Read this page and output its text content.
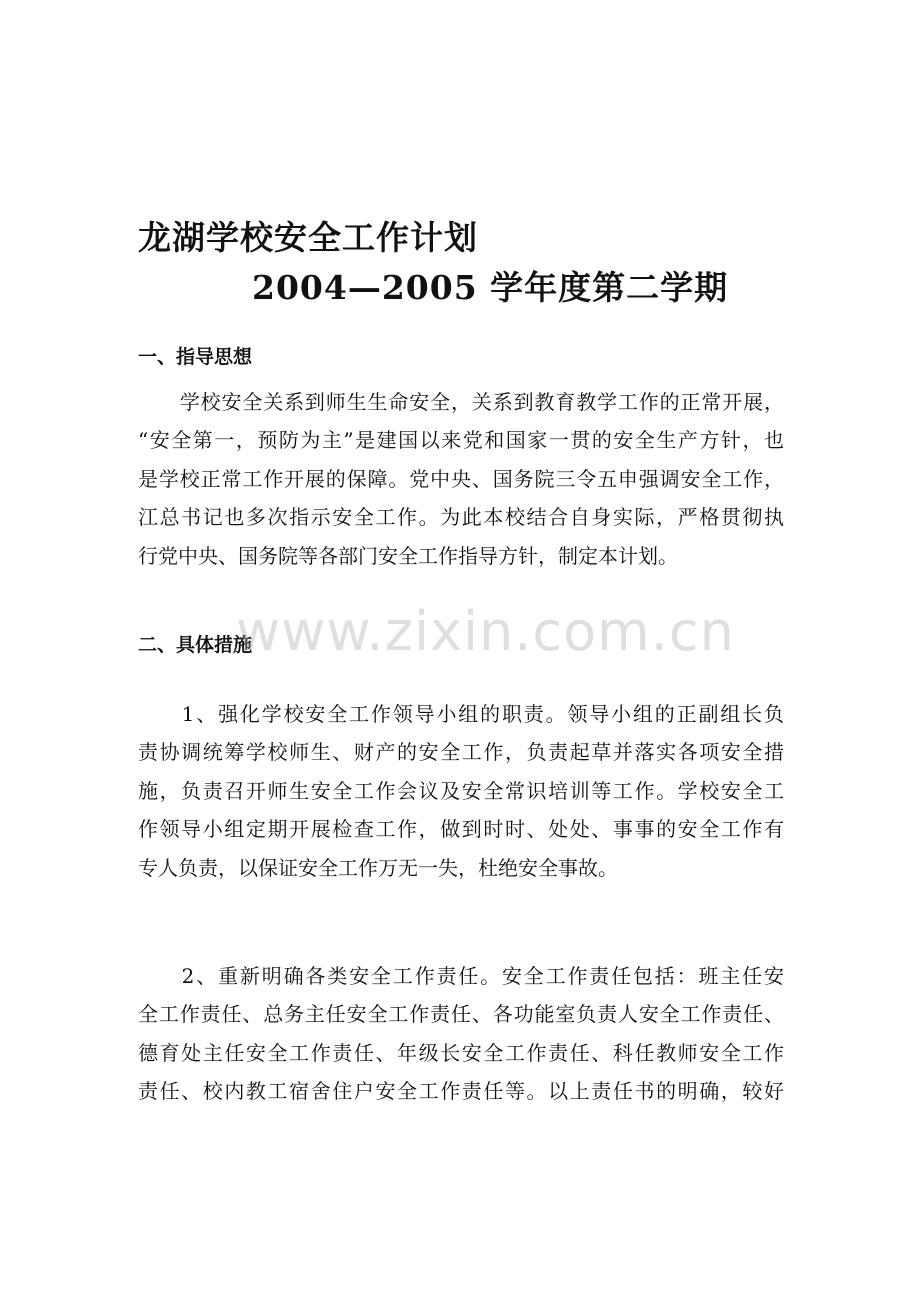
龙湖学校安全工作计划
2004—2005 学年度第二学期
一、指导思想
　　学校安全关系到师生生命安全，关系到教育教学工作的正常开展，
“安全第一，预防为主”是建国以来党和国家一贯的安全生产方针，也
是学校正常工作开展的保障。党中央、国务院三令五申强调安全工作，
江总书记也多次指示安全工作。为此本校结合自身实际，严格贯彻执
行党中央、国务院等各部门安全工作指导方针，制定本计划。
二、具体措施
　　1、强化学校安全工作领导小组的职责。领导小组的正副组长负
责协调统筹学校师生、财产的安全工作，负责起草并落实各项安全措
施，负责召开师生安全工作会议及安全常识培训等工作。学校安全工
作领导小组定期开展检查工作，做到时时、处处、事事的安全工作有
专人负责，以保证安全工作万无一失，杜绝安全事故。
　　2、重新明确各类安全工作责任。安全工作责任包括：班主任安
全工作责任、总务主任安全工作责任、各功能室负责人安全工作责任、
德育处主任安全工作责任、年级长安全工作责任、科任教师安全工作
责任、校内教工宿舍住户安全工作责任等。以上责任书的明确，较好
www.zixin.com.cn
